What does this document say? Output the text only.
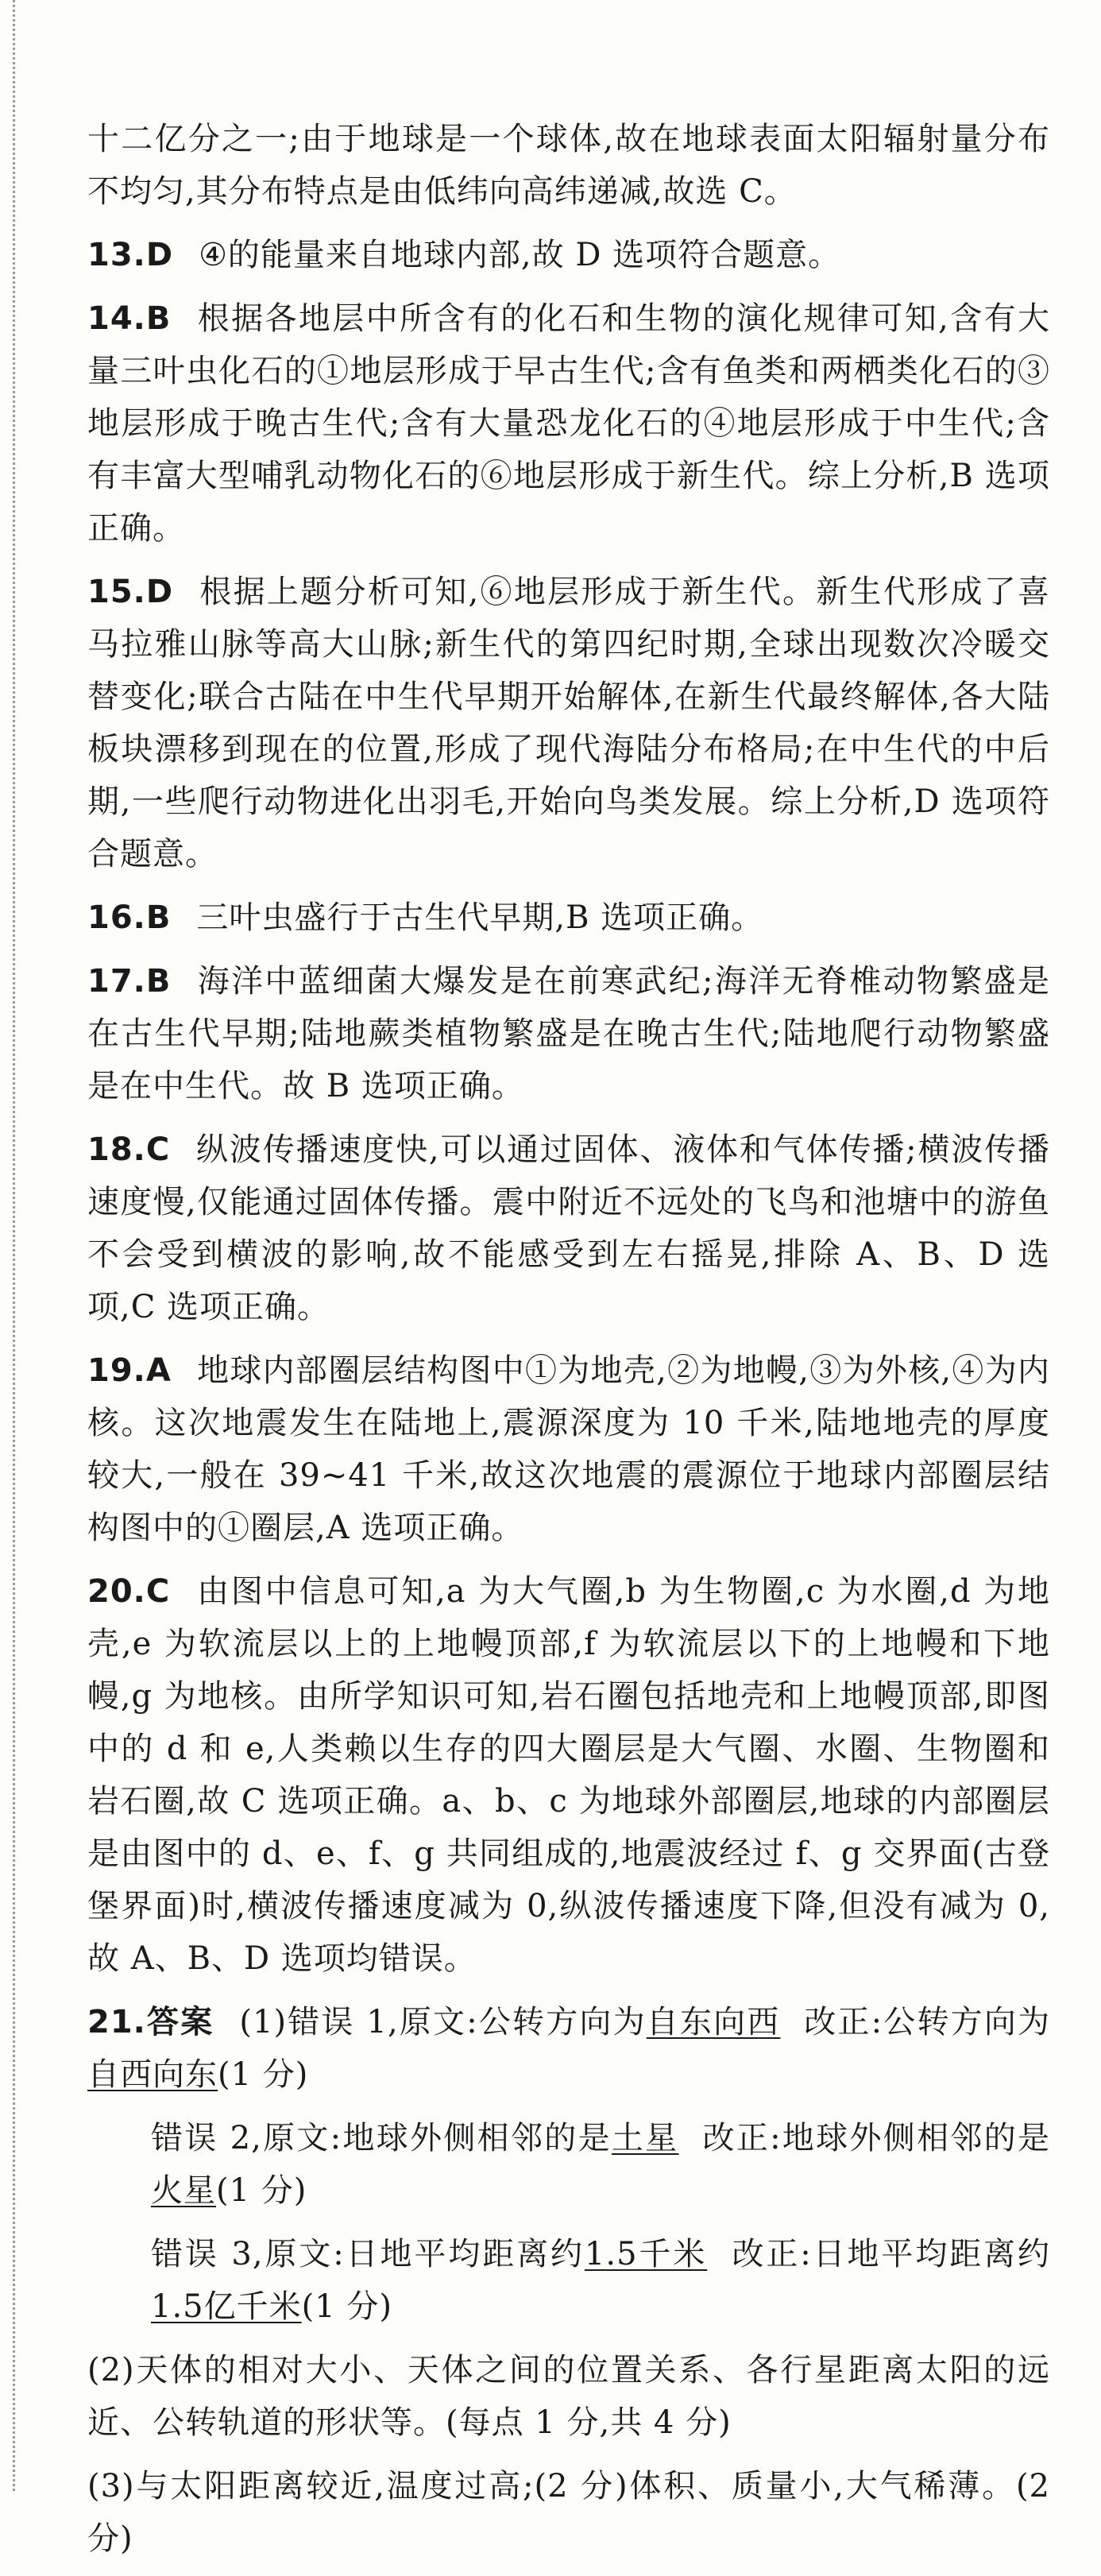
十二亿分之一;由于地球是一个球体,故在地球表面太阳辐射量分布不均匀,其分布特点是由低纬向高纬递减,故选 C。
13.D ④的能量来自地球内部,故 D 选项符合题意。
14.B 根据各地层中所含有的化石和生物的演化规律可知,含有大量三叶虫化石的①地层形成于早古生代;含有鱼类和两栖类化石的③地层形成于晚古生代;含有大量恐龙化石的④地层形成于中生代;含有丰富大型哺乳动物化石的⑥地层形成于新生代。综上分析,B 选项正确。
15.D 根据上题分析可知,⑥地层形成于新生代。新生代形成了喜马拉雅山脉等高大山脉;新生代的第四纪时期,全球出现数次冷暖交替变化;联合古陆在中生代早期开始解体,在新生代最终解体,各大陆板块漂移到现在的位置,形成了现代海陆分布格局;在中生代的中后期,一些爬行动物进化出羽毛,开始向鸟类发展。综上分析,D 选项符合题意。
16.B 三叶虫盛行于古生代早期,B 选项正确。
17.B 海洋中蓝细菌大爆发是在前寒武纪;海洋无脊椎动物繁盛是在古生代早期;陆地蕨类植物繁盛是在晚古生代;陆地爬行动物繁盛是在中生代。故 B 选项正确。
18.C 纵波传播速度快,可以通过固体、液体和气体传播;横波传播速度慢,仅能通过固体传播。震中附近不远处的飞鸟和池塘中的游鱼不会受到横波的影响,故不能感受到左右摇晃,排除 A、B、D 选项,C 选项正确。
19.A 地球内部圈层结构图中①为地壳,②为地幔,③为外核,④为内核。这次地震发生在陆地上,震源深度为 10 千米,陆地地壳的厚度较大,一般在 39~41 千米,故这次地震的震源位于地球内部圈层结构图中的①圈层,A 选项正确。
20.C 由图中信息可知,a 为大气圈,b 为生物圈,c 为水圈,d 为地壳,e 为软流层以上的上地幔顶部,f 为软流层以下的上地幔和下地幔,g 为地核。由所学知识可知,岩石圈包括地壳和上地幔顶部,即图中的 d 和 e,人类赖以生存的四大圈层是大气圈、水圈、生物圈和岩石圈,故 C 选项正确。a、b、c 为地球外部圈层,地球的内部圈层是由图中的 d、e、f、g 共同组成的,地震波经过 f、g 交界面(古登堡界面)时,横波传播速度减为 0,纵波传播速度下降,但没有减为 0,故 A、B、D 选项均错误。
21.答案 (1)错误 1,原文:公转方向为自东向西  改正:公转方向为自西向东(1 分)
错误 2,原文:地球外侧相邻的是土星  改正:地球外侧相邻的是火星(1 分)
错误 3,原文:日地平均距离约1.5千米  改正:日地平均距离约1.5亿千米(1 分)
(2)天体的相对大小、天体之间的位置关系、各行星距离太阳的远近、公转轨道的形状等。(每点 1 分,共 4 分)
(3)与太阳距离较近,温度过高;(2 分)体积、质量小,大气稀薄。(2 分)
